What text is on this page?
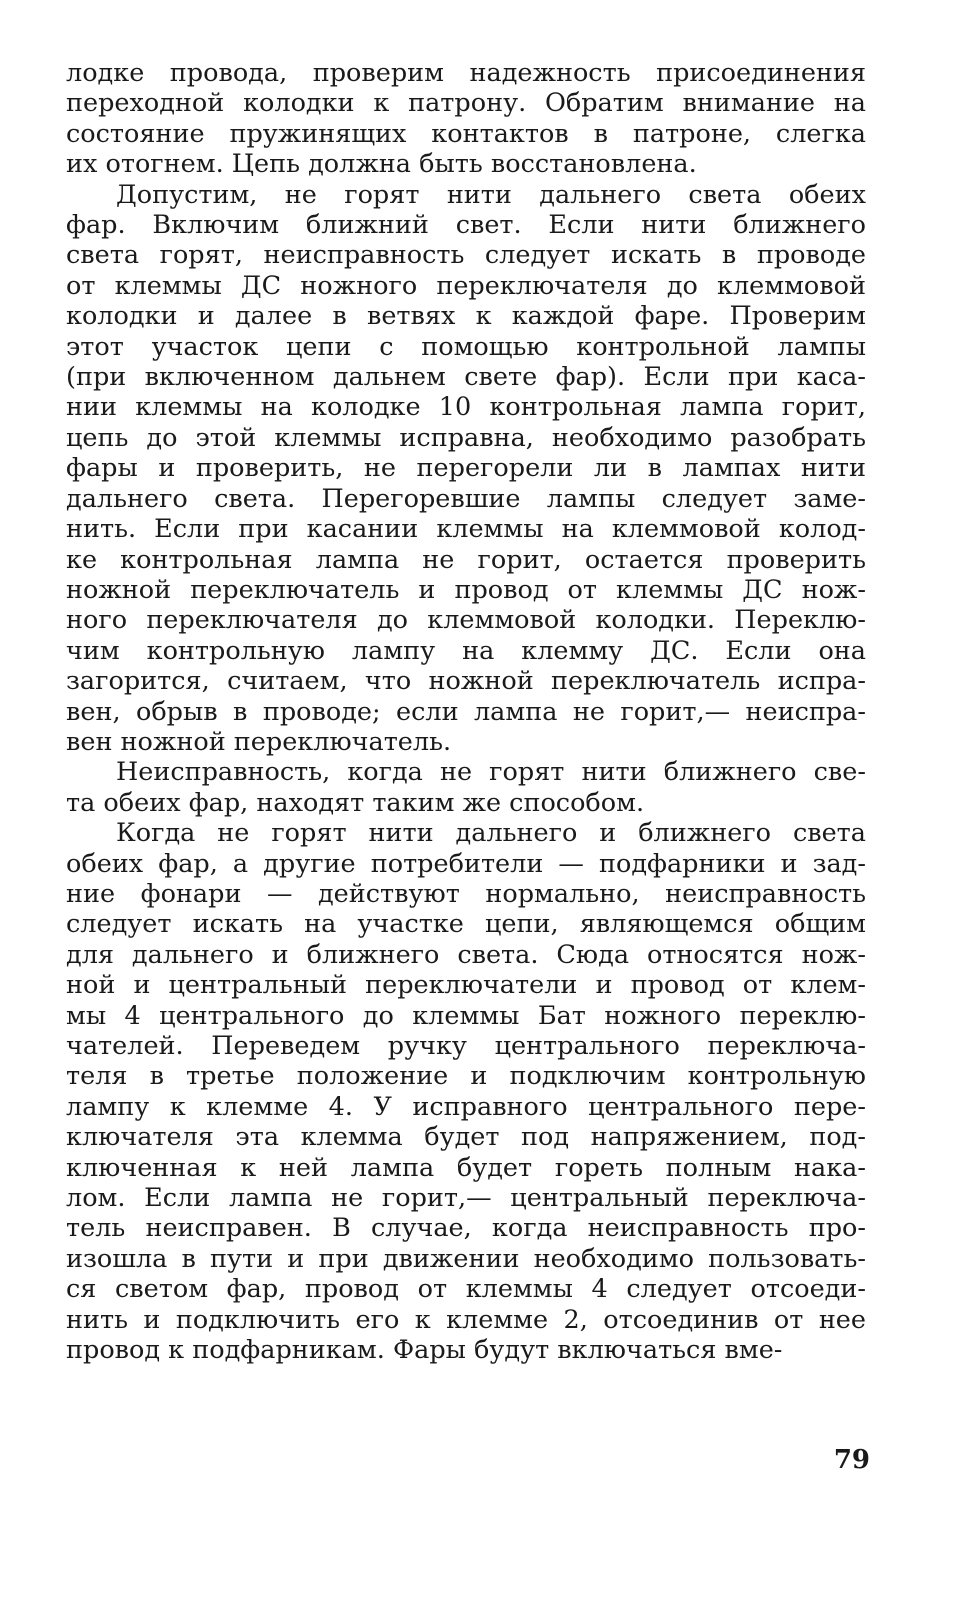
лодке провода, проверим надежность присоединения
переходной колодки к патрону. Обратим внимание на
состояние пружинящих контактов в патроне, слегка
их отогнем. Цепь должна быть восстановлена.

Допустим, не горят нити дальнего света обеих
фар. Включим ближний свет. Если нити ближнего
света горят, неисправность следует искать в проводе
от клеммы ДС ножного переключателя до клеммовой
колодки и далее в ветвях к каждой фаре. Проверим
этот участок цепи с помощью контрольной лампы
(при включенном дальнем свете фар). Если при каса-
нии клеммы на колодке 10 контрольная лампа горит,
цепь до этой клеммы исправна, необходимо разобрать
фары и проверить, не перегорели ли в лампах нити
дальнего света. Перегоревшие лампы следует заме-
нить. Если при касании клеммы на клеммовой колод-
ке контрольная лампа не горит, остается проверить
ножной переключатель и провод от клеммы ДС нож-
ного переключателя до клеммовой колодки. Переклю-
чим контрольную лампу на клемму ДС. Если она
загорится, считаем, что ножной переключатель испра-
вен, обрыв в проводе; если лампа не горит,— неиспра-
вен ножной переключатель.

Неисправность, когда не горят нити ближнего све-
та обеих фар, находят таким же способом.

Когда не горят нити дальнего и ближнего света
обеих фар, а другие потребители — подфарники и зад-
ние фонари — действуют нормально, неисправность
следует искать на участке цепи, являющемся общим
для дальнего и ближнего света. Сюда относятся нож-
ной и центральный переключатели и провод от клем-
мы 4 центрального до клеммы Бат ножного переклю-
чателей. Переведем ручку центрального переключа-
теля в третье положение и подключим контрольную
лампу к клемме 4. У исправного центрального пере-
ключателя эта клемма будет под напряжением, под-
ключенная к ней лампа будет гореть полным нака-
лом. Если лампа не горит,— центральный переключа-
тель неисправен. В случае, когда неисправность про-
изошла в пути и при движении необходимо пользовать-
ся светом фар, провод от клеммы 4 следует отсоеди-
нить и подключить его к клемме 2, отсоединив от нее
провод к подфарникам. Фары будут включаться вме-

79
